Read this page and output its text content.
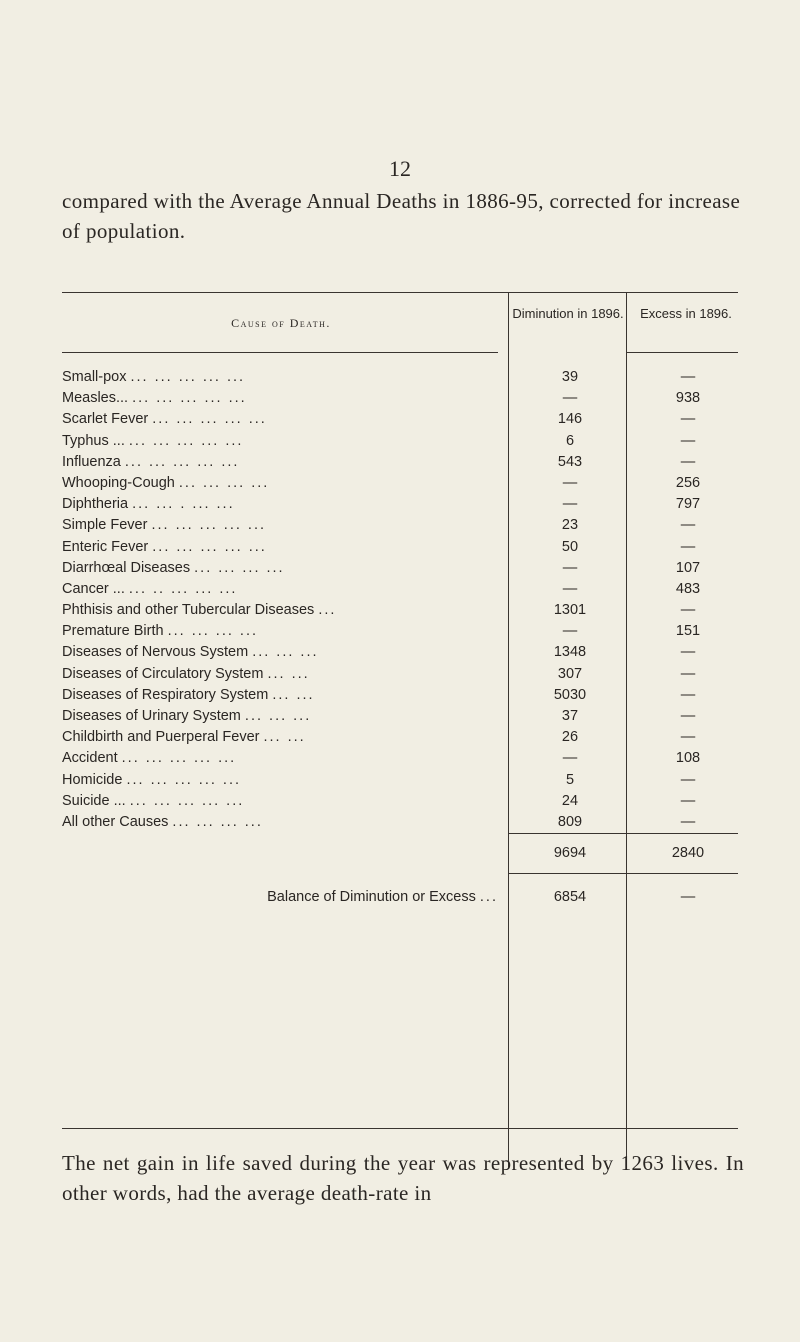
12
compared with the Average Annual Deaths in 1886-95, corrected for increase of population.
Cause of Death.
Diminution in 1896.	Excess in 1896.
Small-pox ... ... ... ... ...	39	—
Measles... ... ... ... ... ...	—	938
Scarlet Fever ... ... ... ... ...	146	—
Typhus ... ... ... ... ... ...	6	—
Influenza ... ... ... ... ...	543	—
Whooping-Cough ... ... ... ...	—	256
Diphtheria ... ... . ... ...	—	797
Simple Fever ... ... ... ... ...	23	—
Enteric Fever ... ... ... ... ...	50	—
Diarrhœal Diseases ... ... ... ...	—	107
Cancer ... ... .. ... ... ...	—	483
Phthisis and other Tubercular Diseases ...	1301	—
Premature Birth ... ... ... ...	—	151
Diseases of Nervous System ... ... ...	1348	—
Diseases of Circulatory System ... ...	307	—
Diseases of Respiratory System ... ...	5030	—
Diseases of Urinary System ... ... ...	37	—
Childbirth and Puerperal Fever ... ...	26	—
Accident ... ... ... ... ...	—	108
Homicide ... ... ... ... ...	5	—
Suicide ... ... ... ... ... ...	24	—
All other Causes ... ... ... ...	809	—
9694	2840
Balance of Diminution or Excess ...	6854	—
The net gain in life saved during the year was represented by 1263 lives. In other words, had the average death-rate in
